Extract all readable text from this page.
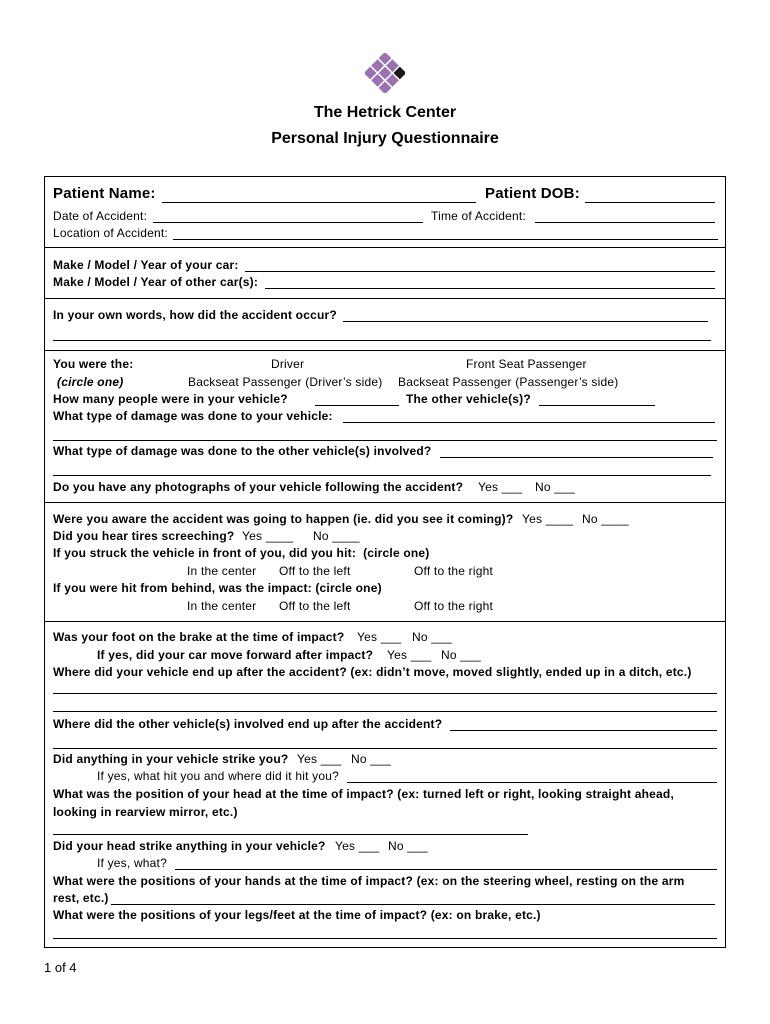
The Hetrick Center
Personal Injury Questionnaire
Patient Name:	Patient DOB:
Date of Accident:	Time of Accident:
Location of Accident:
Make / Model / Year of your car:
Make / Model / Year of other car(s):
In your own words, how did the accident occur?
You were the:	Driver	Front Seat Passenger
(circle one)	Backseat Passenger (Driver’s side) Backseat Passenger (Passenger’s side)
How many people were in your vehicle?	The other vehicle(s)?
What type of damage was done to your vehicle:
What type of damage was done to the other vehicle(s) involved?
Do you have any photographs of your vehicle following the accident? Yes ___ No ___
Were you aware the accident was going to happen (ie. did you see it coming)? Yes ____ No ____
Did you hear tires screeching? Yes ____ No ____
If you struck the vehicle in front of you, did you hit:  (circle one)
In the center Off to the left	Off to the right
If you were hit from behind, was the impact: (circle one)
In the center Off to the left	Off to the right
Was your foot on the brake at the time of impact? Yes ___ No ___
If yes, did your car move forward after impact? Yes ___ No ___
Where did your vehicle end up after the accident? (ex: didn’t move, moved slightly, ended up in a ditch, etc.)
Where did the other vehicle(s) involved end up after the accident?
Did anything in your vehicle strike you? Yes ___ No ___
If yes, what hit you and where did it hit you?
What was the position of your head at the time of impact? (ex: turned left or right, looking straight ahead,
looking in rearview mirror, etc.)
Did your head strike anything in your vehicle? Yes ___ No ___
If yes, what?
What were the positions of your hands at the time of impact? (ex: on the steering wheel, resting on the arm
rest, etc.)
What were the positions of your legs/feet at the time of impact? (ex: on brake, etc.)
1 of 4
